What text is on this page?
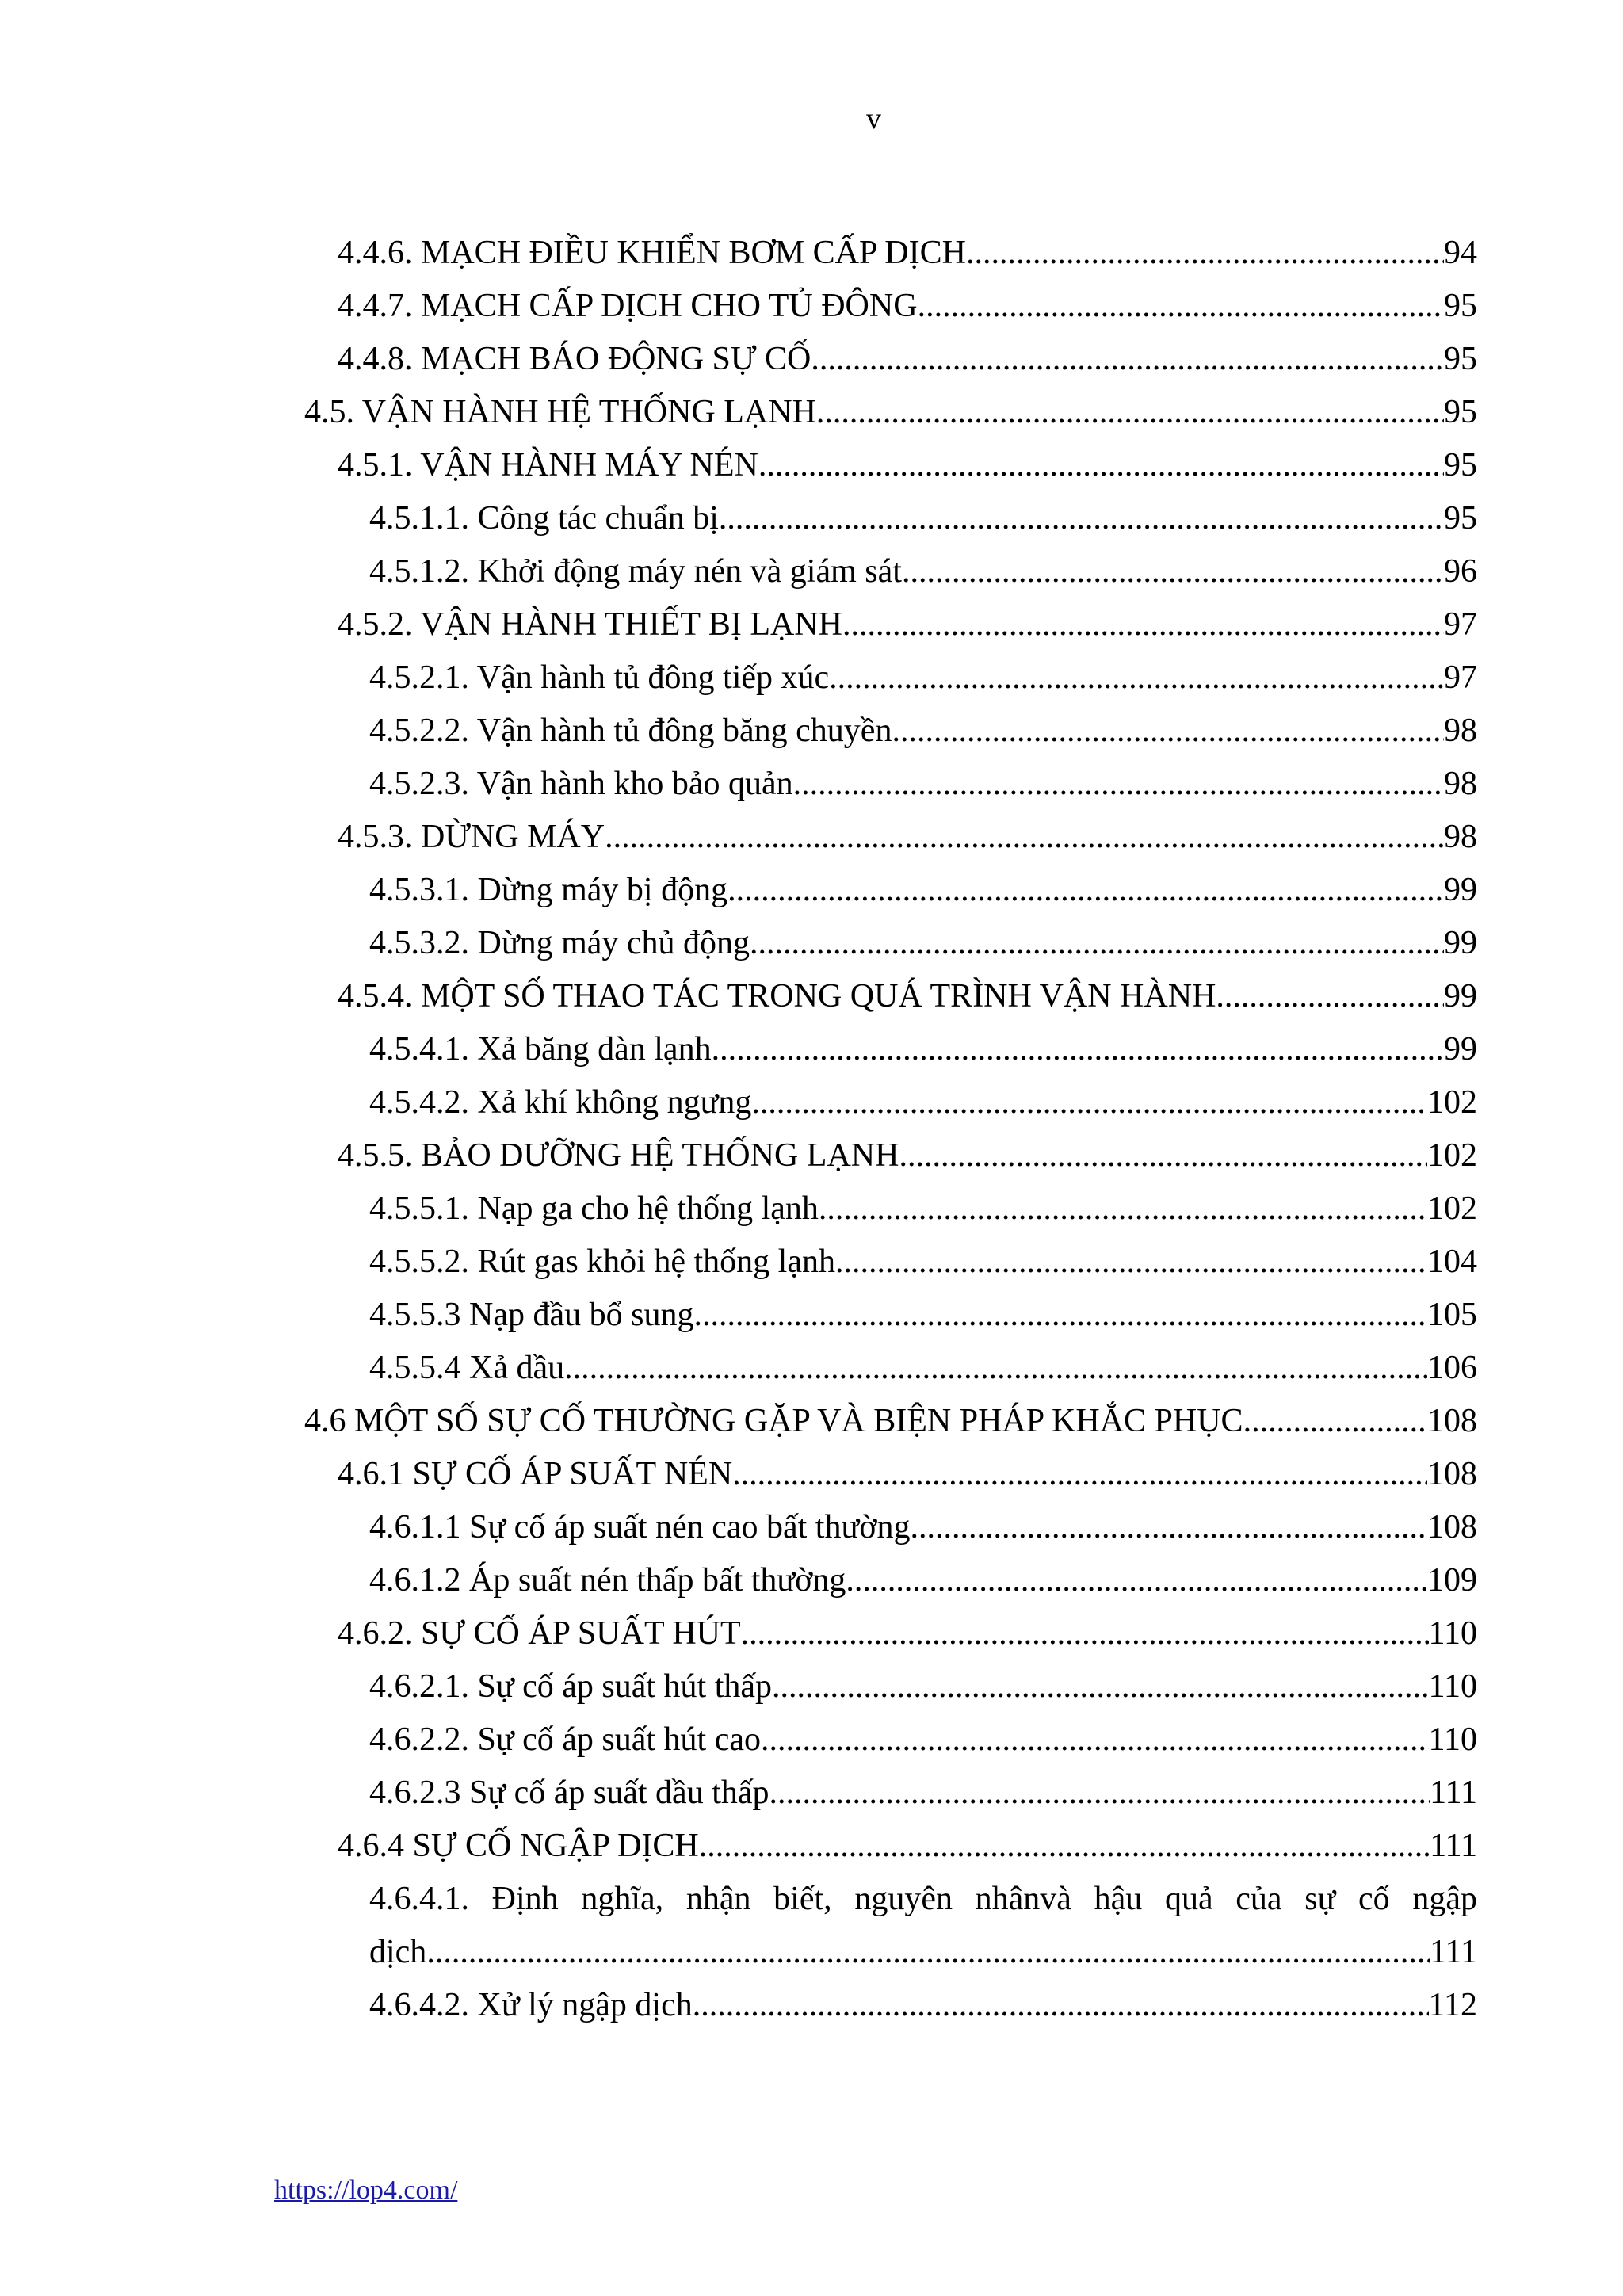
v
4.4.6. MẠCH ĐIỀU KHIỂN BƠM CẤP DỊCH. .....	94
4.4.7. MẠCH CẤP DỊCH CHO TỦ ĐÔNG .....	95
4.4.8. MẠCH BÁO ĐỘNG SỰ CỐ .....	95
4.5. VẬN HÀNH HỆ THỐNG LẠNH. .....	95
4.5.1. VẬN HÀNH MÁY NÉN .....	95
4.5.1.1. Công tác chuẩn bị. .....	95
4.5.1.2. Khởi động máy nén và giám sát .....	96
4.5.2. VẬN HÀNH THIẾT BỊ LẠNH .....	97
4.5.2.1. Vận hành tủ đông tiếp xúc .....	97
4.5.2.2. Vận hành tủ đông băng chuyền .....	98
4.5.2.3. Vận hành kho bảo quản. .....	98
4.5.3. DỪNG MÁY .....	98
4.5.3.1. Dừng máy bị động .....	99
4.5.3.2. Dừng máy chủ động .....	99
4.5.4. MỘT SỐ THAO TÁC TRONG QUÁ TRÌNH VẬN HÀNH .....	99
4.5.4.1. Xả băng dàn lạnh .....	99
4.5.4.2. Xả khí không ngưng .....	102
4.5.5. BẢO DƯỠNG HỆ THỐNG LẠNH .....	102
4.5.5.1. Nạp ga cho hệ thống lạnh .....	102
4.5.5.2. Rút gas khỏi hệ thống lạnh .....	104
4.5.5.3 Nạp đầu bổ sung .....	105
4.5.5.4 Xả dầu .....	106
4.6 MỘT SỐ SỰ CỐ THƯỜNG GẶP VÀ BIỆN PHÁP KHẮC PHỤC. .....	108
4.6.1 SỰ CỐ ÁP SUẤT NÉN. .....	108
4.6.1.1 Sự cố áp suất nén cao bất thường. .....	108
4.6.1.2 Áp suất nén thấp bất thường. .....	109
4.6.2. SỰ CỐ ÁP SUẤT HÚT .....	110
4.6.2.1. Sự cố áp suất hút thấp .....	110
4.6.2.2. Sự cố áp suất hút cao .....	110
4.6.2.3 Sự cố áp suất dầu thấp .....	111
4.6.4 SỰ CỐ NGẬP DỊCH .....	111
4.6.4.1. Định nghĩa, nhận biết, nguyên nhânvà hậu quả của sự cố ngập
dịch .....	111
4.6.4.2. Xử lý ngập dịch .....	112
https://lop4.com/
